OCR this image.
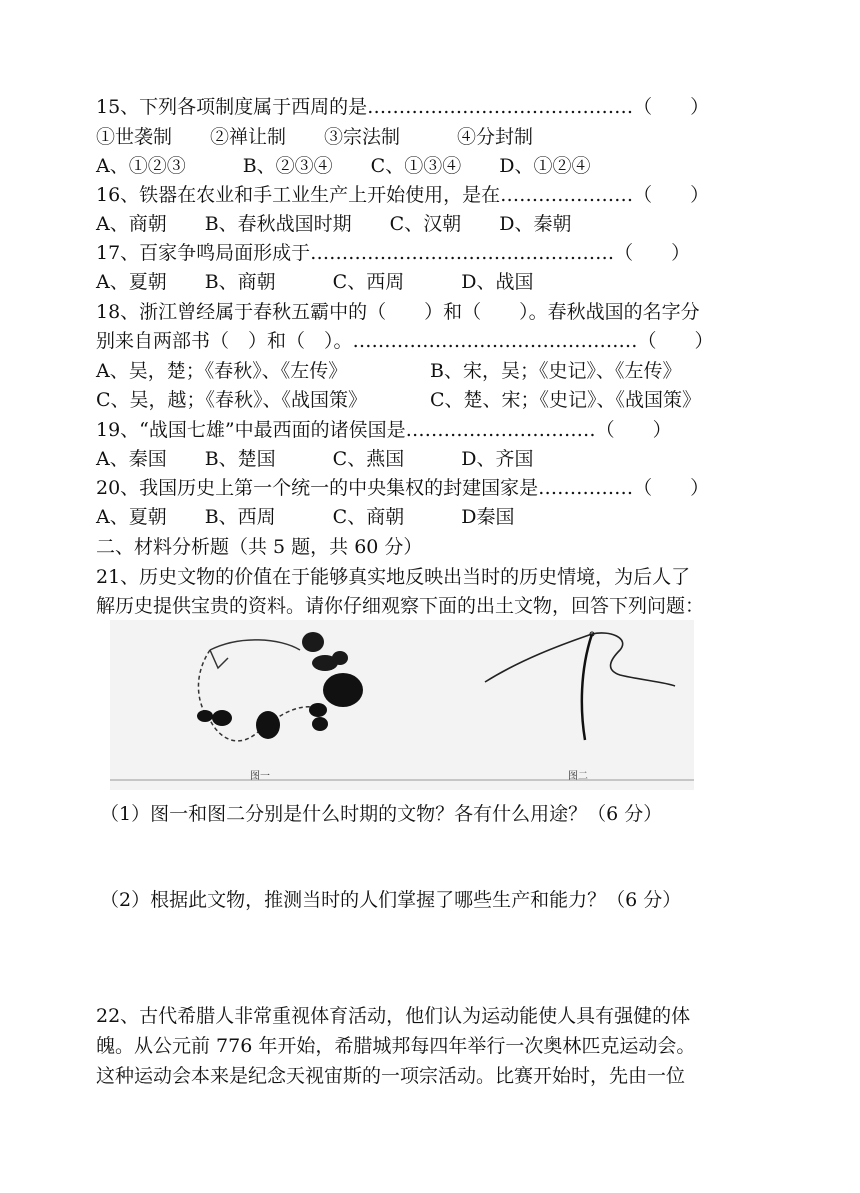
15、下列各项制度属于西周的是……………………………………（　　）
①世袭制　　②禅让制　　③宗法制　　　④分封制
A、①②③　　　B、②③④　　C、①③④　　D、①②④
16、铁器在农业和手工业生产上开始使用，是在…………………（　　）
A、商朝　　B、春秋战国时期　　C、汉朝　　D、秦朝
17、百家争鸣局面形成于…………………………………………（　　）
A、夏朝　　B、商朝　　　C、西周　　　D、战国
18、浙江曾经属于春秋五霸中的（　　）和（　　）。春秋战国的名字分
别来自两部书（　）和（　）。………………………………………（　　）
A、吴，楚；《春秋》、《左传》	B、宋，吴；《史记》、《左传》
C、吴，越；《春秋》、《战国策》	C、楚、宋；《史记》、《战国策》
19、“战国七雄”中最西面的诸侯国是…………………………（　　）
A、秦国　　B、楚国　　　C、燕国　　　D、齐国
20、我国历史上第一个统一的中央集权的封建国家是……………（　　）
A、夏朝　　B、西周　　　C、商朝　　　D秦国
二、材料分析题（共 5 题，共 60 分）
21、历史文物的价值在于能够真实地反映出当时的历史情境，为后人了
解历史提供宝贵的资料。请你仔细观察下面的出土文物，回答下列问题：
图一	图二
（1）图一和图二分别是什么时期的文物？各有什么用途？（6 分）
（2）根据此文物，推测当时的人们掌握了哪些生产和能力？（6 分）
22、古代希腊人非常重视体育活动，他们认为运动能使人具有强健的体
魄。从公元前 776 年开始，希腊城邦每四年举行一次奥林匹克运动会。
这种运动会本来是纪念天视宙斯的一项宗活动。比赛开始时，先由一位
